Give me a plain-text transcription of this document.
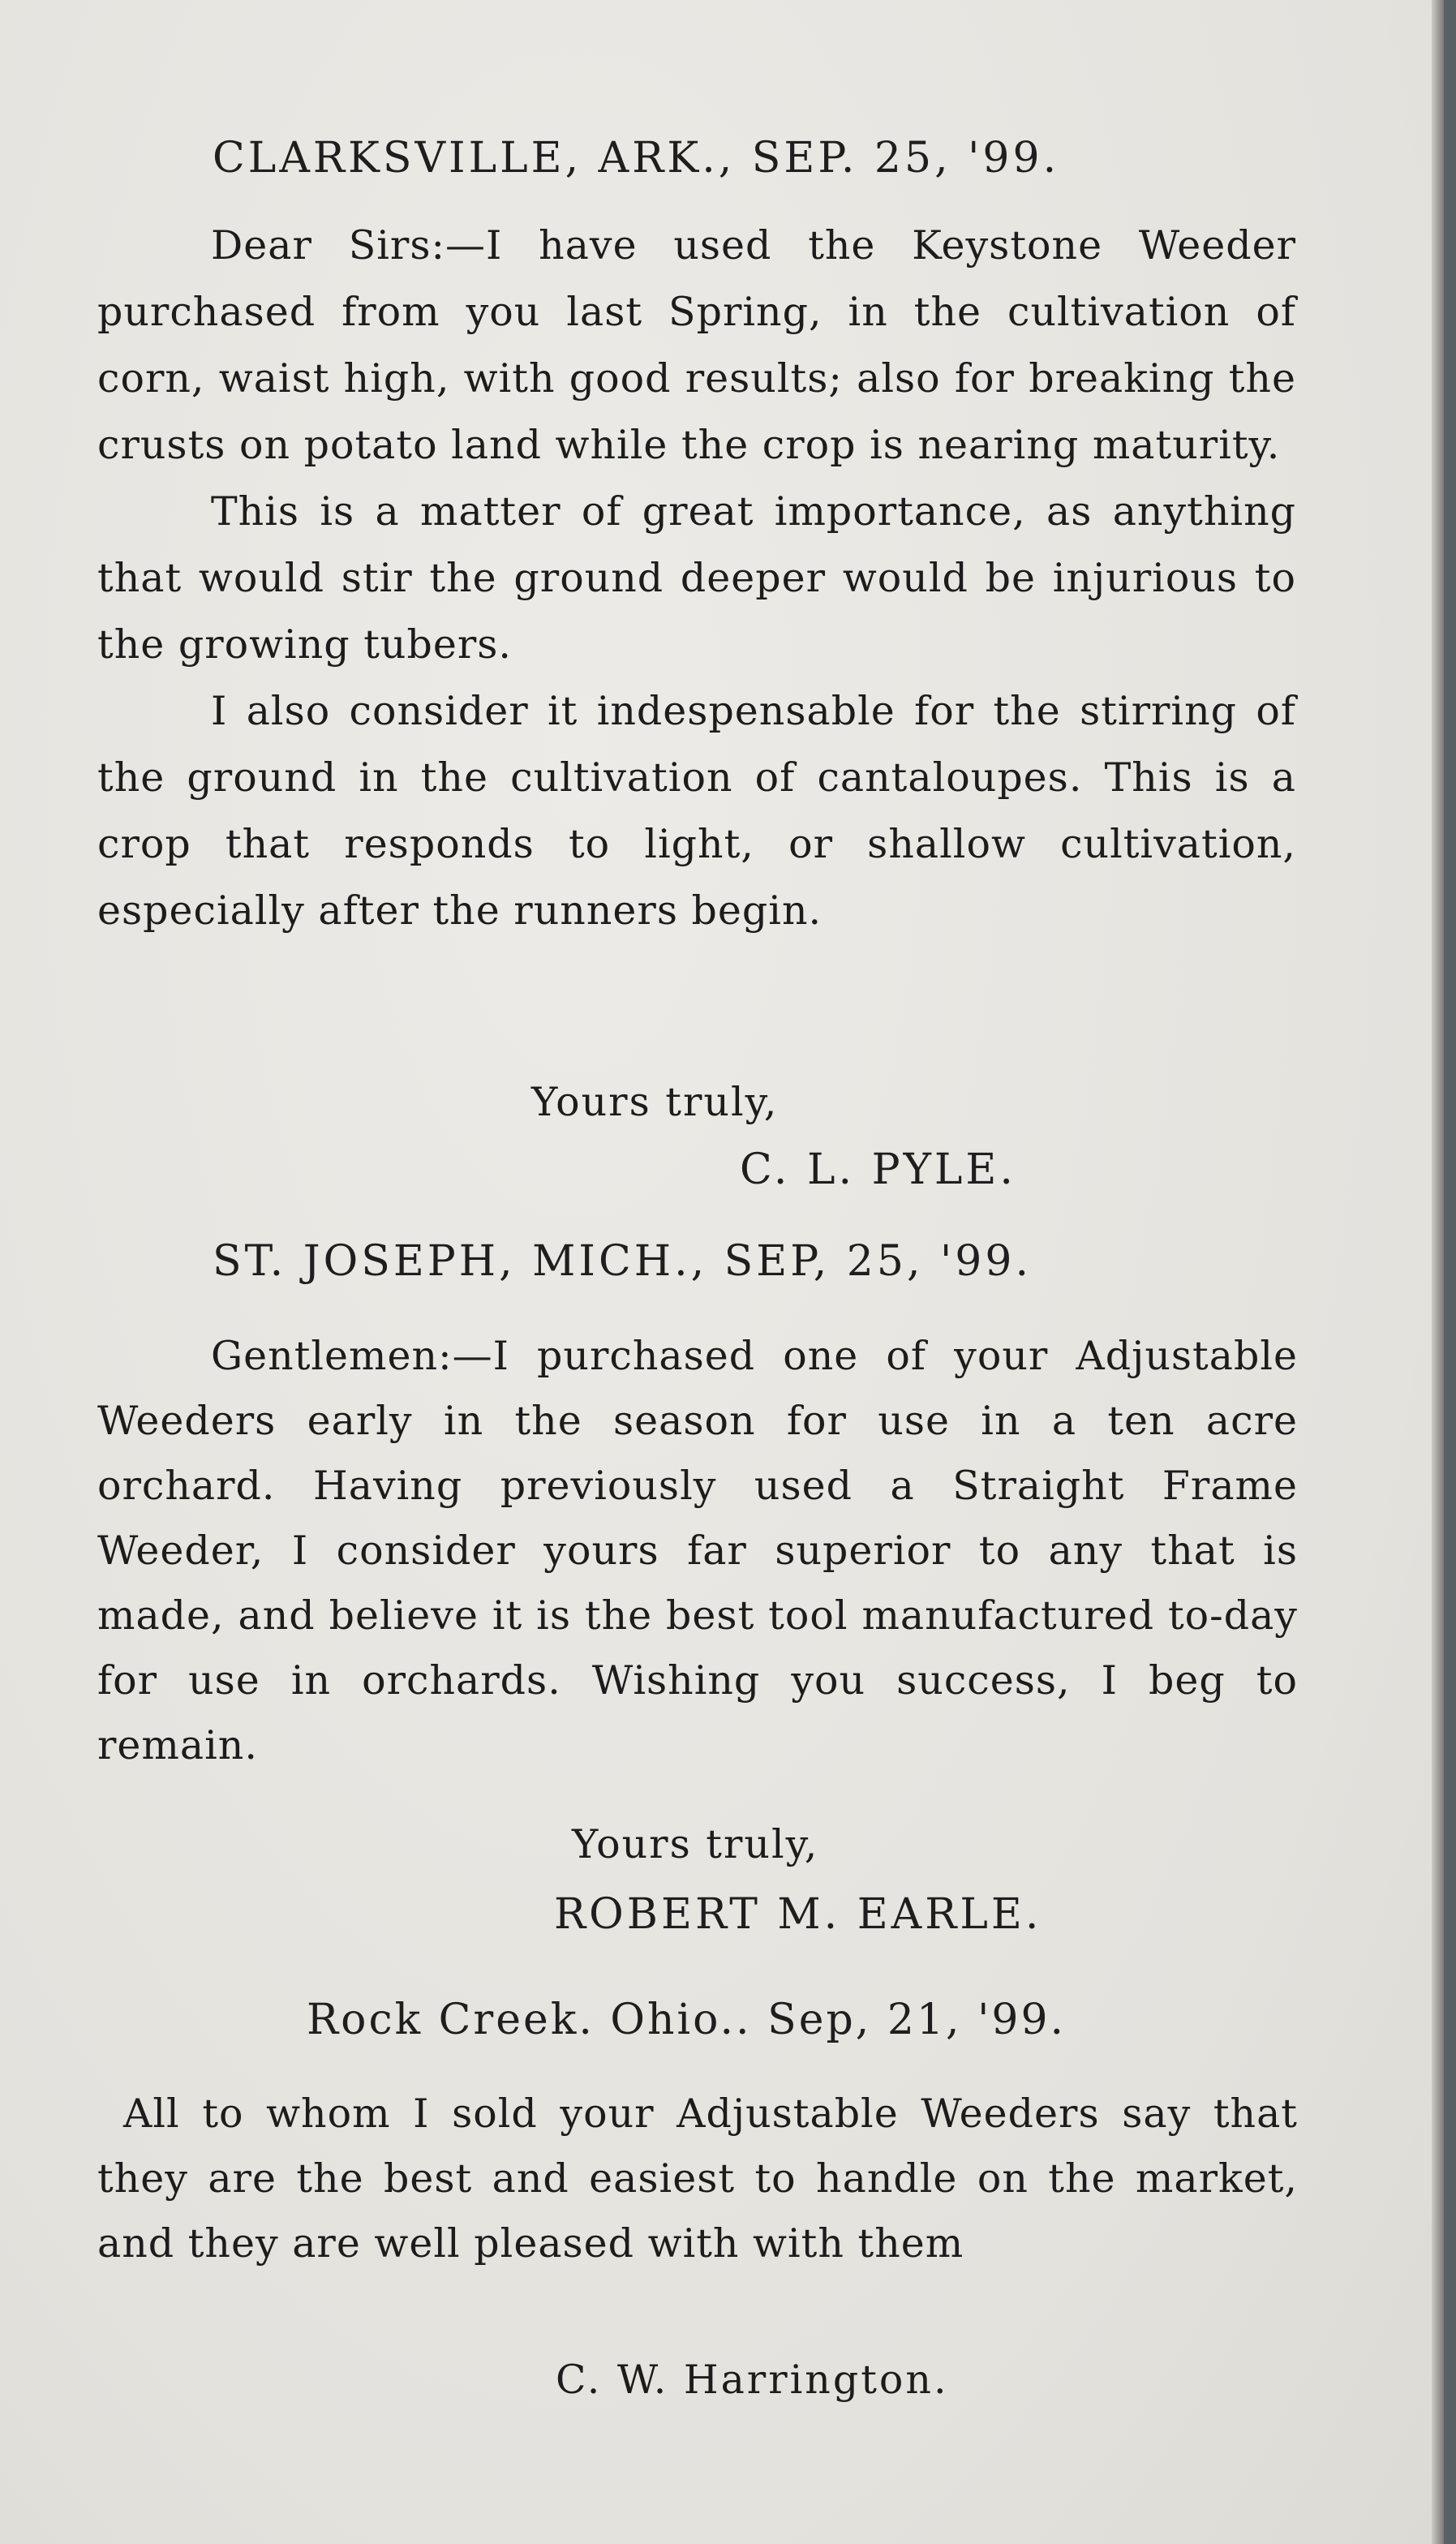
CLARKSVILLE, ARK., SEP. 25, '99.

Dear Sirs:—I have used the Keystone Weeder purchased from you last Spring, in the cultivation of corn, waist high, with good results; also for breaking the crusts on potato land while the crop is nearing maturity.

This is a matter of great importance, as anything that would stir the ground deeper would be injurious to the growing tubers.

I also consider it indespensable for the stirring of the ground in the cultivation of cantaloupes. This is a crop that responds to light, or shallow cultivation, especially after the runners begin.

Yours truly,
C. L. PYLE.
ST. JOSEPH, MICH., SEP, 25, '99.

Gentlemen:—I purchased one of your Adjustable Weeders early in the season for use in a ten acre orchard. Having previously used a Straight Frame Weeder, I consider yours far superior to any that is made, and believe it is the best tool manufactured to-day for use in orchards. Wishing you success, I beg to remain.

Yours truly,
ROBERT M. EARLE.
Rock Creek. Ohio.. Sep, 21, '99.

All to whom I sold your Adjustable Weeders say that they are the best and easiest to handle on the market, and they are well pleased with with them

C. W. Harrington.
